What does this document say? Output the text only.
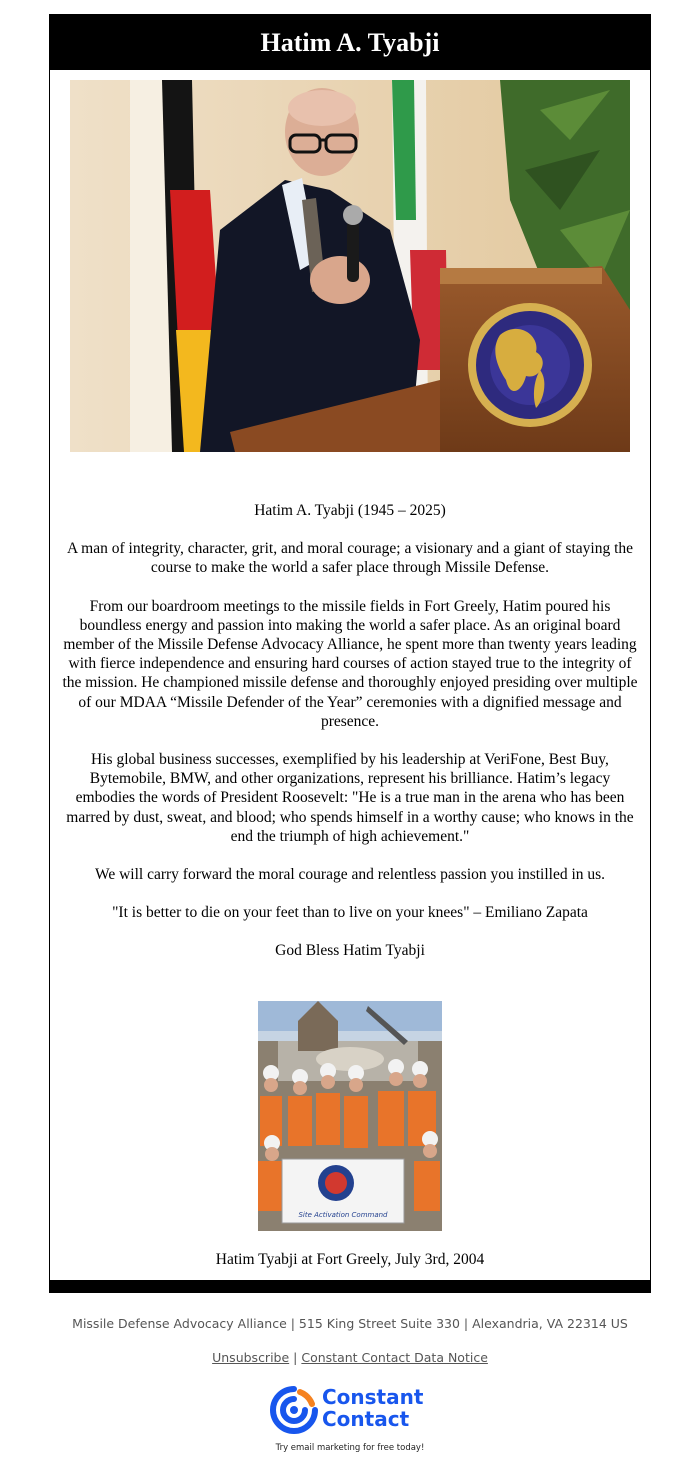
Hatim A. Tyabji

Hatim A. Tyabji (1945 – 2025)

A man of integrity, character, grit, and moral courage; a visionary and a giant of staying the course to make the world a safer place through Missile Defense.

From our boardroom meetings to the missile fields in Fort Greely, Hatim poured his boundless energy and passion into making the world a safer place. As an original board member of the Missile Defense Advocacy Alliance, he spent more than twenty years leading with fierce independence and ensuring hard courses of action stayed true to the integrity of the mission. He championed missile defense and thoroughly enjoyed presiding over multiple of our MDAA “Missile Defender of the Year” ceremonies with a dignified message and presence.

His global business successes, exemplified by his leadership at VeriFone, Best Buy, Bytemobile, BMW, and other organizations, represent his brilliance. Hatim’s legacy embodies the words of President Roosevelt: "He is a true man in the arena who has been marred by dust, sweat, and blood; who spends himself in a worthy cause; who knows in the end the triumph of high achievement."

We will carry forward the moral courage and relentless passion you instilled in us.

"It is better to die on your feet than to live on your knees" – Emiliano Zapata

God Bless Hatim Tyabji

Site Activation Command
Hatim Tyabji at Fort Greely, July 3rd, 2004
Missile Defense Advocacy Alliance | 515 King Street Suite 330 | Alexandria, VA 22314 US
Unsubscribe | Constant Contact Data Notice
Constant
Contact
Try email marketing for free today!
